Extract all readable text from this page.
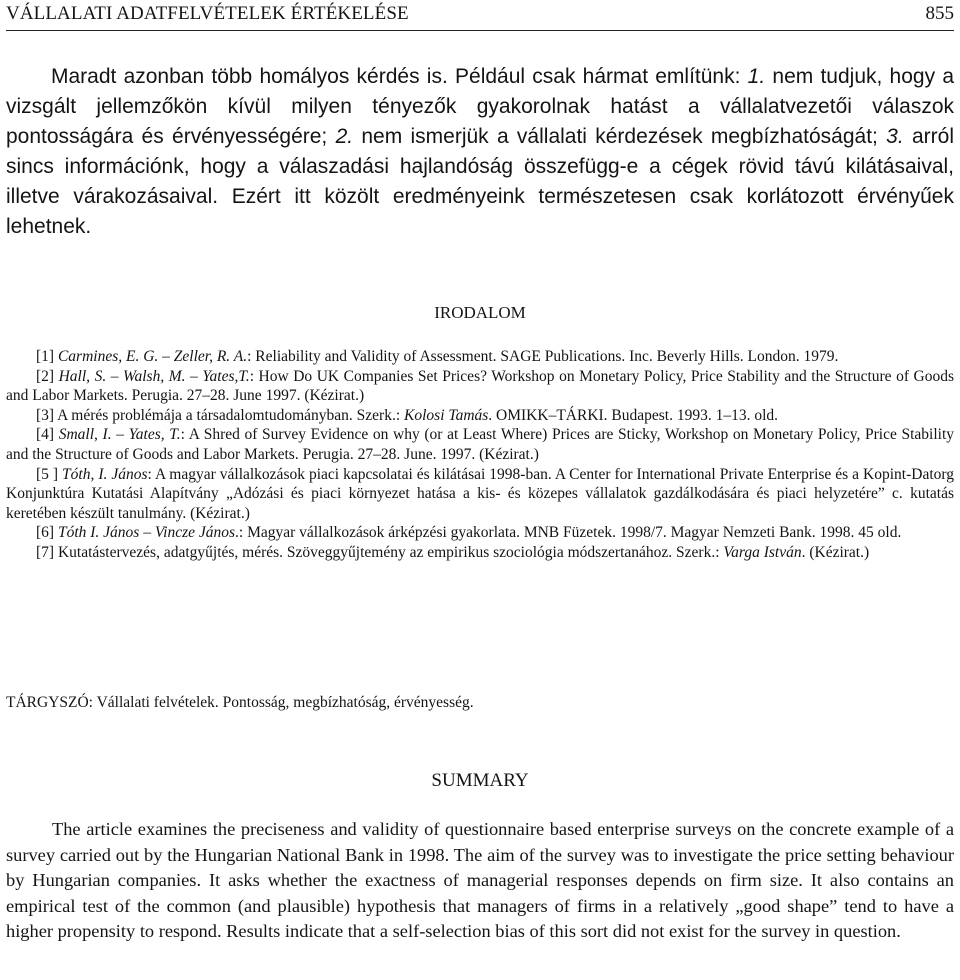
VÁLLALATI ADATFELVÉTELEK ÉRTÉKELÉSE	855

Maradt azonban több homályos kérdés is. Például csak hármat említünk: 1. nem tudjuk, hogy a vizsgált jellemzőkön kívül milyen tényezők gyakorolnak hatást a vállalatvezetői válaszok pontosságára és érvényességére; 2. nem ismerjük a vállalati kérdezések megbízhatóságát; 3. arról sincs információnk, hogy a válaszadási hajlandóság összefügg-e a cégek rövid távú kilátásaival, illetve várakozásaival. Ezért itt közölt eredményeink természetesen csak korlátozott érvényűek lehetnek.

IRODALOM

[1] Carmines, E. G. – Zeller, R. A.: Reliability and Validity of Assessment. SAGE Publications. Inc. Beverly Hills. London. 1979.

[2] Hall, S. – Walsh, M. – Yates,T.: How Do UK Companies Set Prices? Workshop on Monetary Policy, Price Stability and the Structure of Goods and Labor Markets. Perugia. 27–28. June 1997. (Kézirat.)

[3] A mérés problémája a társadalomtudományban. Szerk.: Kolosi Tamás. OMIKK–TÁRKI. Budapest. 1993. 1–13. old.

[4] Small, I. – Yates, T.: A Shred of Survey Evidence on why (or at Least Where) Prices are Sticky, Workshop on Monetary Policy, Price Stability and the Structure of Goods and Labor Markets. Perugia. 27–28. June. 1997. (Kézirat.)

[5 ] Tóth, I. János: A magyar vállalkozások piaci kapcsolatai és kilátásai 1998-ban. A Center for International Private Enterprise és a Kopint-Datorg Konjunktúra Kutatási Alapítvány „Adózási és piaci környezet hatása a kis- és közepes vállalatok gazdálkodására és piaci helyzetére” c. kutatás keretében készült tanulmány. (Kézirat.)

[6] Tóth I. János – Vincze János.: Magyar vállalkozások árképzési gyakorlata. MNB Füzetek. 1998/7. Magyar Nemzeti Bank. 1998. 45 old.

[7] Kutatástervezés, adatgyűjtés, mérés. Szöveggyűjtemény az empirikus szociológia módszertanához. Szerk.: Varga István. (Kézirat.)

TÁRGYSZÓ: Vállalati felvételek. Pontosság, megbízhatóság, érvényesség.
SUMMARY

The article examines the preciseness and validity of questionnaire based enterprise surveys on the concrete example of a survey carried out by the Hungarian National Bank in 1998. The aim of the survey was to investigate the price setting behaviour by Hungarian companies. It asks whether the exactness of managerial responses depends on firm size. It also contains an empirical test of the common (and plausible) hypothesis that managers of firms in a relatively „good shape” tend to have a higher propensity to respond. Results indicate that a self-selection bias of this sort did not exist for the survey in question.
